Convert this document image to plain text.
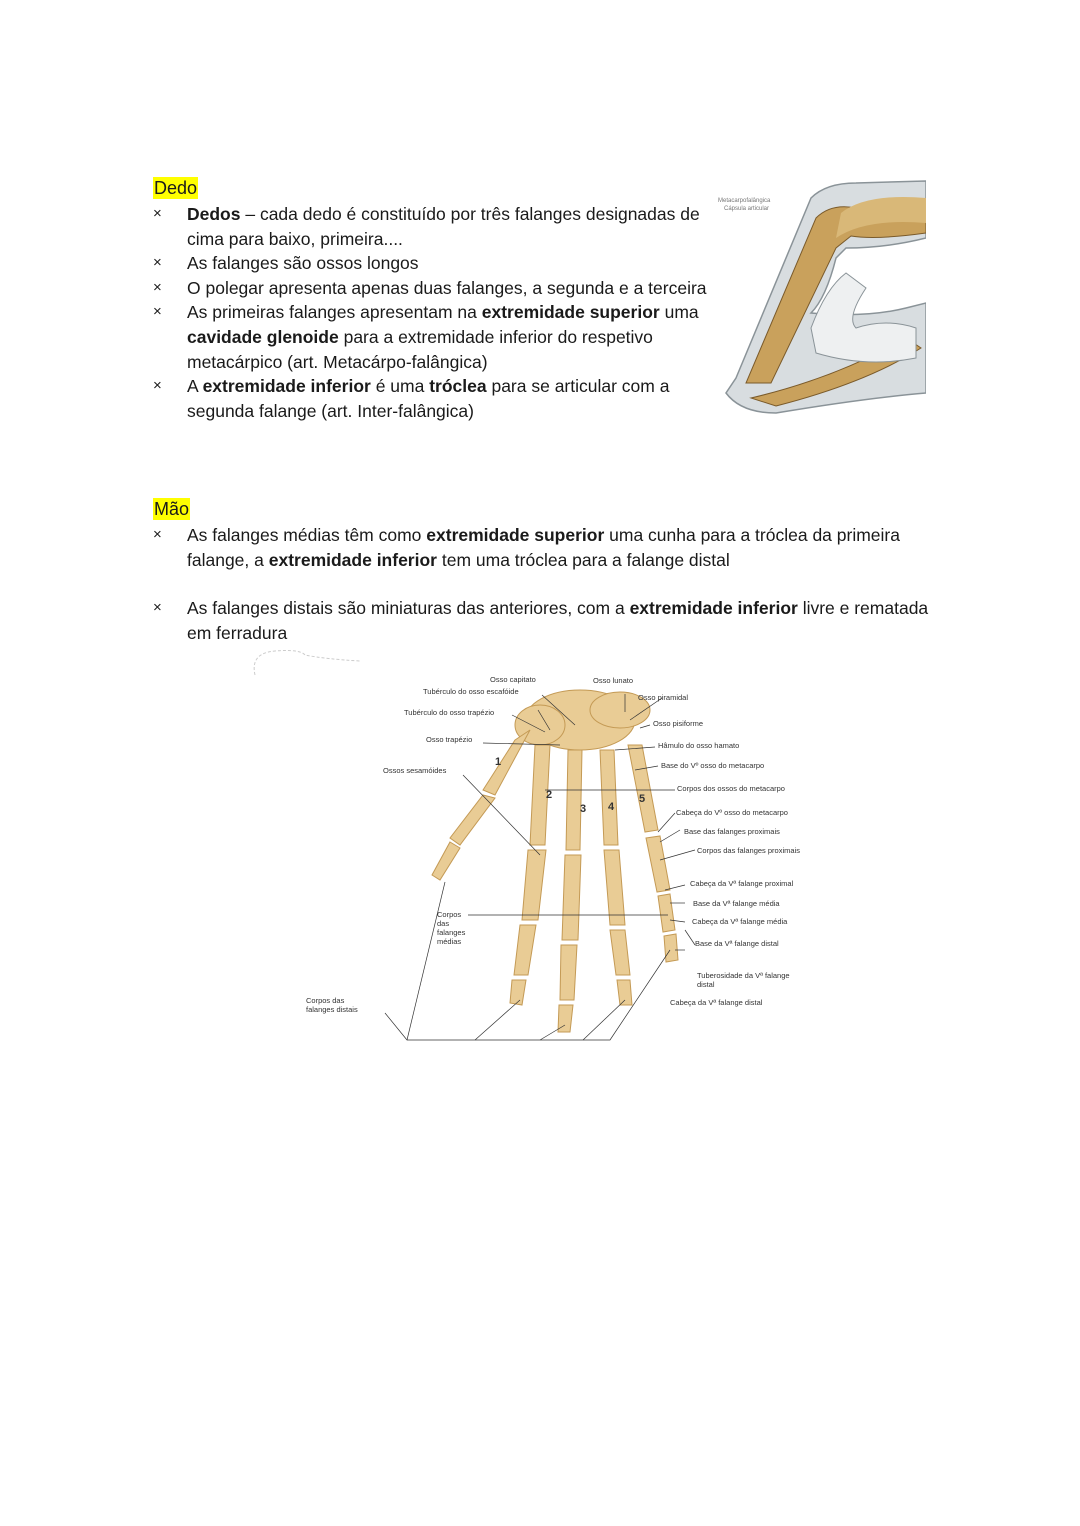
Dedo
× Dedos – cada dedo é constituído por três falanges designadas de cima para baixo, primeira....
× As falanges são ossos longos
× O polegar apresenta apenas duas falanges, a segunda e a terceira
× As primeiras falanges apresentam na extremidade superior uma cavidade glenoide para a extremidade inferior do respetivo metacárpico (art. Metacárpo-falângica)
× A extremidade inferior é uma tróclea para se articular com a segunda falange (art. Inter-falângica)
Metacarpofalângica
Cápsula articular
Mão
× As falanges médias têm como extremidade superior uma cunha para a tróclea da primeira falange, a extremidade inferior tem uma tróclea para a falange distal
× As falanges distais são miniaturas das anteriores, com a extremidade inferior livre e rematada em ferradura
Osso capitato
Tubérculo do osso escafóide
Tubérculo do osso trapézio
Osso trapézio
Ossos sesamóides
Osso lunato
Osso piramidal
Osso pisiforme
Hâmulo do osso hamato
Base do Vº osso do metacarpo
Corpos dos ossos do metacarpo
Cabeça do Vº osso do metacarpo
Base das falanges proximais
Corpos das falanges proximais
Cabeça da Vª falange proximal
Base da Vª falange média
Cabeça da Vª falange média
Base da Vª falange distal
Tuberosidade da Vª falange distal
Cabeça da Vª falange distal
Corpos das falanges médias
Corpos das falanges distais
1
2
3 4
5
